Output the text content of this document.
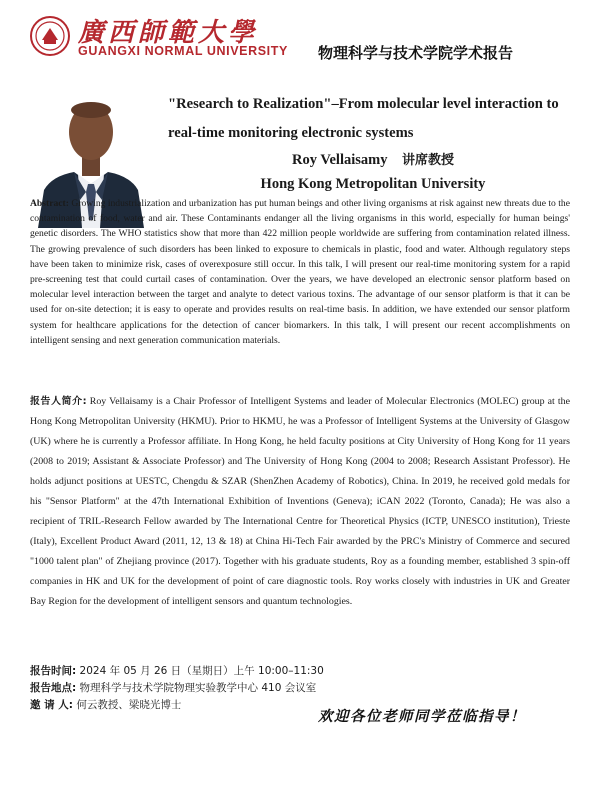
廣西師範大學
GUANGXI NORMAL UNIVERSITY 物理科学与技术学院学术报告
"Research to Realization"–From molecular level interaction to real-time monitoring electronic systems
Roy Vellaisamy 讲席教授
Hong Kong Metropolitan University
Abstract: Growing industrialization and urbanization has put human beings and other living organisms at risk against new threats due to the contamination of food, water and air. These Contaminants endanger all the living organisms in this world, especially for human beings' genetic disorders. The WHO statistics show that more than 422 million people worldwide are suffering from contamination related illness. The growing prevalence of such disorders has been linked to exposure to chemicals in plastic, food and water. Although regulatory steps have been taken to minimize risk, cases of overexposure still occur. In this talk, I will present our real-time monitoring system for a rapid pre-screening test that could curtail cases of contamination. Over the years, we have developed an electronic sensor platform based on molecular level interaction between the target and analyte to detect various toxins. The advantage of our sensor platform is that it can be used for on-site detection; it is easy to operate and provides results on real-time basis. In addition, we have extended our sensor platform system for healthcare applications for the detection of cancer biomarkers. In this talk, I will present our recent accomplishments on intelligent sensing and next generation communication materials.
报告人简介: Roy Vellaisamy is a Chair Professor of Intelligent Systems and leader of Molecular Electronics (MOLEC) group at the Hong Kong Metropolitan University (HKMU). Prior to HKMU, he was a Professor of Intelligent Systems at the University of Glasgow (UK) where he is currently a Professor affiliate. In Hong Kong, he held faculty positions at City University of Hong Kong for 11 years (2008 to 2019; Assistant & Associate Professor) and The University of Hong Kong (2004 to 2008; Research Assistant Professor). He holds adjunct positions at UESTC, Chengdu & SZAR (ShenZhen Academy of Robotics), China. In 2019, he received gold medals for his "Sensor Platform" at the 47th International Exhibition of Inventions (Geneva); iCAN 2022 (Toronto, Canada); He was also a recipient of TRIL-Research Fellow awarded by The International Centre for Theoretical Physics (ICTP, UNESCO institution), Trieste (Italy), Excellent Product Award (2011, 12, 13 & 18) at China Hi-Tech Fair awarded by the PRC's Ministry of Commerce and secured "1000 talent plan" of Zhejiang province (2017). Together with his graduate students, Roy as a founding member, established 3 spin-off companies in HK and UK for the development of point of care diagnostic tools. Roy works closely with industries in UK and Greater Bay Region for the development of intelligent sensors and quantum technologies.
报告时间: 2024 年 05 月 26 日（星期日）上午 10:00–11:30
报告地点: 物理科学与技术学院物理实验教学中心 410 会议室
邀 请 人: 何云教授、梁晓光博士
欢迎各位老师同学莅临指导！
